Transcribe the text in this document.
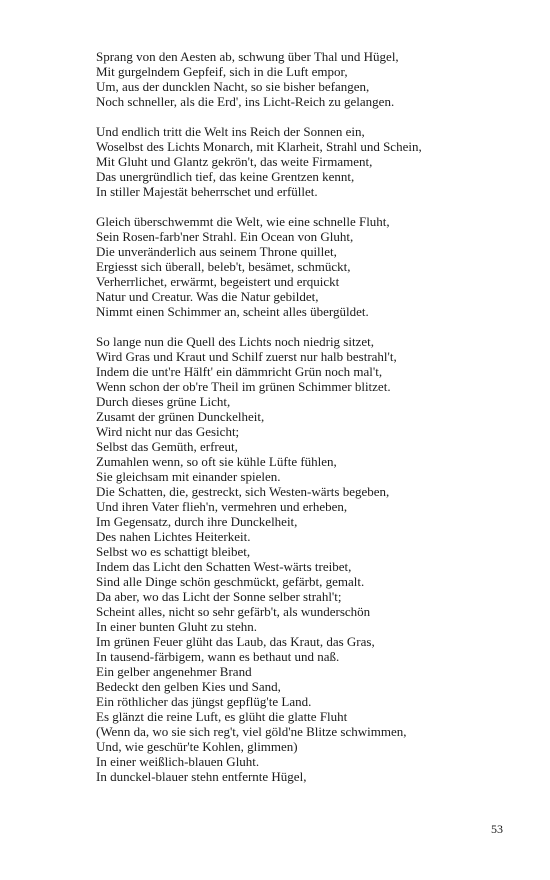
Sprang von den Aesten ab, schwung über Thal und Hügel,
Mit gurgelndem Gepfeif, sich in die Luft empor,
Um, aus der duncklen Nacht, so sie bisher befangen,
Noch schneller, als die Erd', ins Licht-Reich zu gelangen.
Und endlich tritt die Welt ins Reich der Sonnen ein,
Woselbst des Lichts Monarch, mit Klarheit, Strahl und Schein,
Mit Gluht und Glantz gekrön't, das weite Firmament,
Das unergründlich tief, das keine Grentzen kennt,
In stiller Majestät beherrschet und erfüllet.
Gleich überschwemmt die Welt, wie eine schnelle Fluht,
Sein Rosen-farb'ner Strahl. Ein Ocean von Gluht,
Die unveränderlich aus seinem Throne quillet,
Ergiesst sich überall, beleb't, besämet, schmückt,
Verherrlichet, erwärmt, begeistert und erquickt
Natur und Creatur. Was die Natur gebildet,
Nimmt einen Schimmer an, scheint alles übergüldet.
So lange nun die Quell des Lichts noch niedrig sitzet,
Wird Gras und Kraut und Schilf zuerst nur halb bestrahl't,
Indem die unt're Hälft' ein dämmricht Grün noch mal't,
Wenn schon der ob're Theil im grünen Schimmer blitzet.
Durch dieses grüne Licht,
Zusamt der grünen Dunckelheit,
Wird nicht nur das Gesicht;
Selbst das Gemüth, erfreut,
Zumahlen wenn, so oft sie kühle Lüfte fühlen,
Sie gleichsam mit einander spielen.
Die Schatten, die, gestreckt, sich Westen-wärts begeben,
Und ihren Vater flieh'n, vermehren und erheben,
Im Gegensatz, durch ihre Dunckelheit,
Des nahen Lichtes Heiterkeit.
Selbst wo es schattigt bleibet,
Indem das Licht den Schatten West-wärts treibet,
Sind alle Dinge schön geschmückt, gefärbt, gemalt.
Da aber, wo das Licht der Sonne selber strahl't;
Scheint alles, nicht so sehr gefärb't, als wunderschön
In einer bunten Gluht zu stehn.
Im grünen Feuer glüht das Laub, das Kraut, das Gras,
In tausend-färbigem, wann es bethaut und naß.
Ein gelber angenehmer Brand
Bedeckt den gelben Kies und Sand,
Ein röthlicher das jüngst gepflüg'te Land.
Es glänzt die reine Luft, es glüht die glatte Fluht
(Wenn da, wo sie sich reg't, viel göld'ne Blitze schwimmen,
Und, wie geschür'te Kohlen, glimmen)
In einer weißlich-blauen Gluht.
In dunckel-blauer stehn entfernte Hügel,
53
